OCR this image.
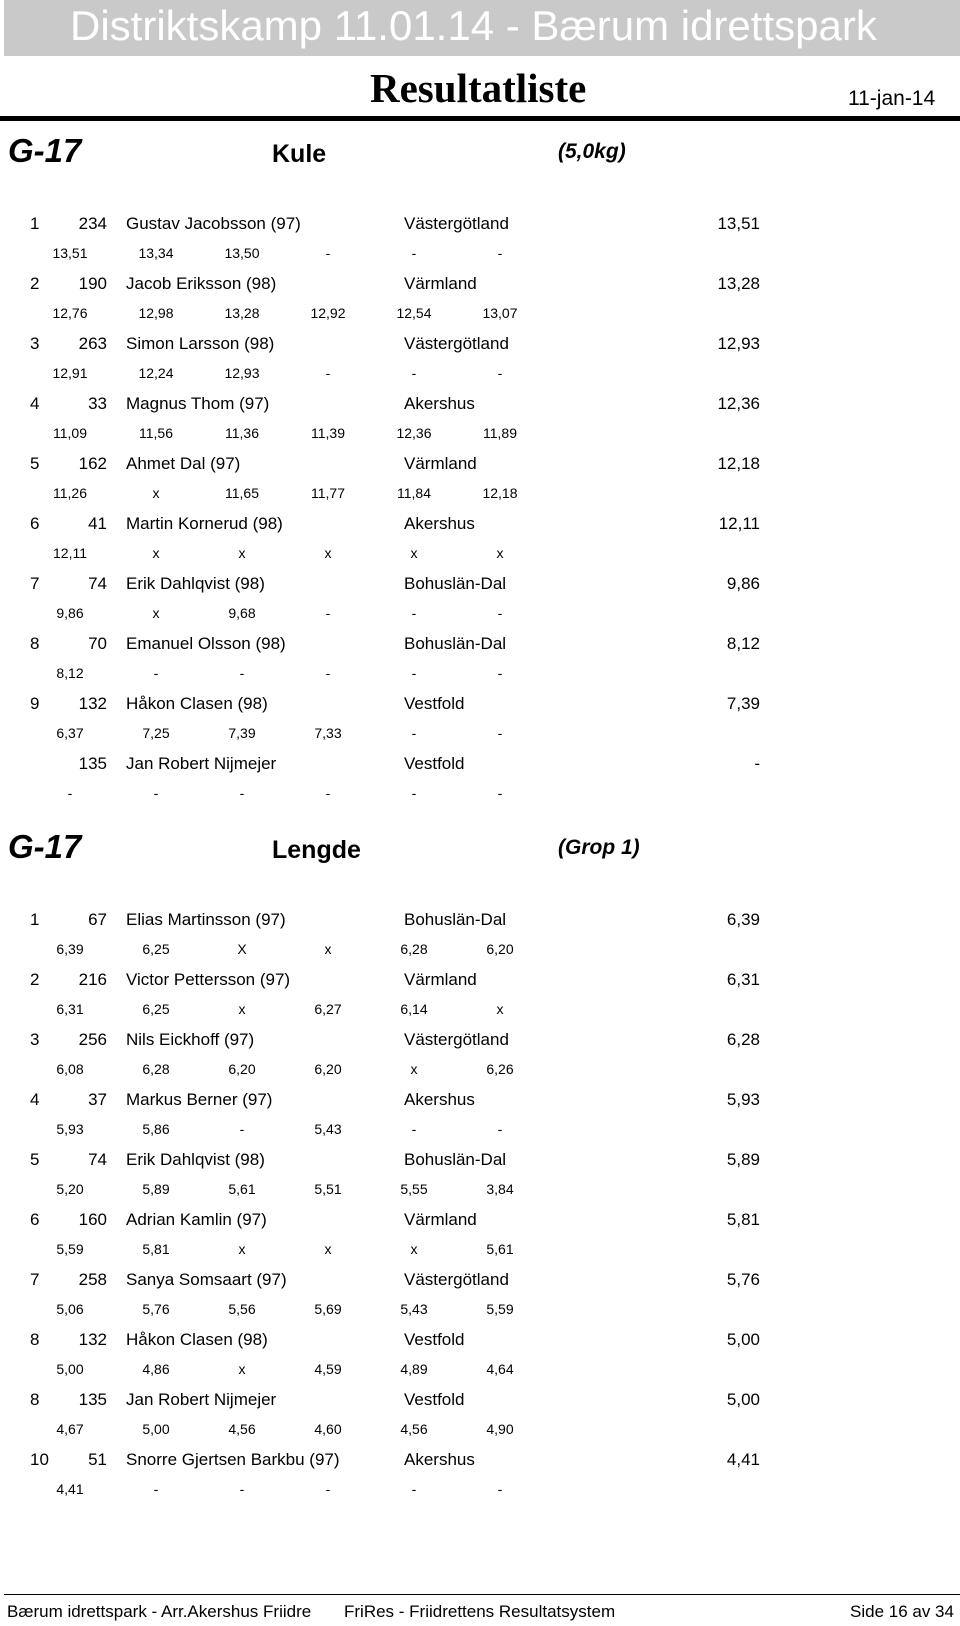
Distriktskamp 11.01.14 - Bærum idrettspark
Resultatliste	11-jan-14
G-17	Kule	(5,0kg)
1	234 Gustav Jacobsson (97)	Västergötland	13,51
13,51	13,34	13,50	-	-	-
2	190 Jacob Eriksson (98)	Värmland	13,28
12,76	12,98	13,28	12,92	12,54	13,07
3	263 Simon Larsson (98)	Västergötland	12,93
12,91	12,24	12,93	-	-	-
4	33 Magnus Thom (97)	Akershus	12,36
11,09	11,56	11,36	11,39	12,36	11,89
5	162 Ahmet Dal (97)	Värmland	12,18
11,26	x	11,65	11,77	11,84	12,18
6	41 Martin Kornerud (98)	Akershus	12,11
12,11	x	x	x	x	x
7	74 Erik Dahlqvist (98)	Bohuslän-Dal	9,86
9,86	x	9,68	-	-	-
8	70 Emanuel Olsson (98)	Bohuslän-Dal	8,12
8,12	-	-	-	-	-
9	132 Håkon Clasen (98)	Vestfold	7,39
6,37	7,25	7,39	7,33	-	-
135 Jan Robert Nijmejer	Vestfold	-
-	-	-	-	-	-
G-17	Lengde	(Grop 1)
1	67 Elias Martinsson (97)	Bohuslän-Dal	6,39
6,39	6,25	X	x	6,28	6,20
2	216 Victor Pettersson (97)	Värmland	6,31
6,31	6,25	x	6,27	6,14	x
3	256 Nils Eickhoff (97)	Västergötland	6,28
6,08	6,28	6,20	6,20	x	6,26
4	37 Markus Berner (97)	Akershus	5,93
5,93	5,86	-	5,43	-	-
5	74 Erik Dahlqvist (98)	Bohuslän-Dal	5,89
5,20	5,89	5,61	5,51	5,55	3,84
6	160 Adrian Kamlin (97)	Värmland	5,81
5,59	5,81	x	x	x	5,61
7	258 Sanya Somsaart (97)	Västergötland	5,76
5,06	5,76	5,56	5,69	5,43	5,59
8	132 Håkon Clasen (98)	Vestfold	5,00
5,00	4,86	x	4,59	4,89	4,64
8	135 Jan Robert Nijmejer	Vestfold	5,00
4,67	5,00	4,56	4,60	4,56	4,90
10	51 Snorre Gjertsen Barkbu (97)	Akershus	4,41
4,41	-	-	-	-	-
Bærum idrettspark - Arr.Akershus Friidre FriRes - Friidrettens Resultatsystem	Side 16 av 34
